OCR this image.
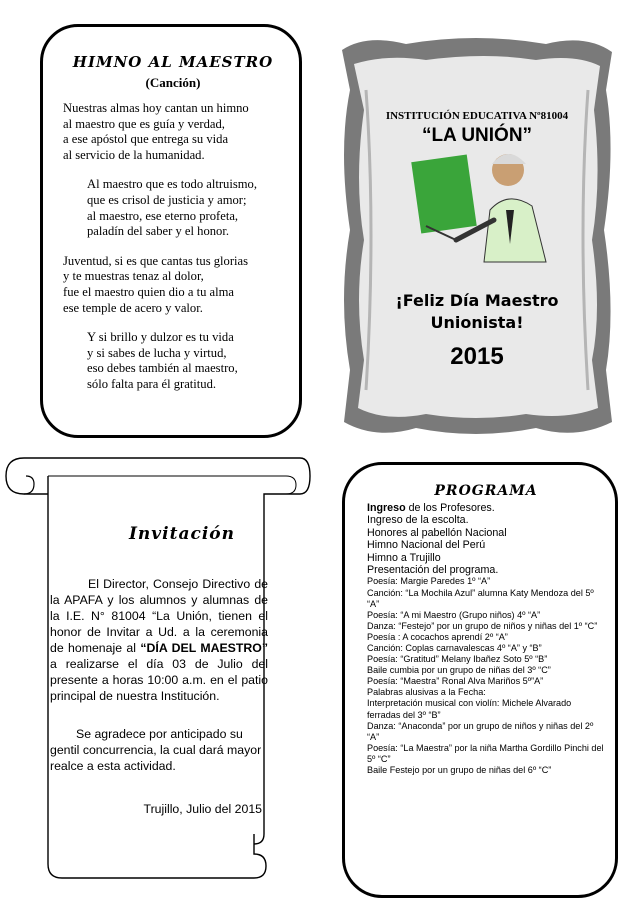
HIMNO AL MAESTRO
(Canción)

Nuestras almas hoy cantan un himno
al maestro que es guía y verdad,
a ese apóstol que entrega su vida
al servicio de la humanidad.

Al maestro que es todo altruismo,
que es crisol de justicia y amor;
al maestro, ese eterno profeta,
paladín del saber y el honor.

Juventud, si es que cantas tus glorias
y te muestras tenaz al dolor,
fue el maestro quien dio a tu alma
ese temple de acero y valor.

Y si brillo y dulzor es tu vida
y si sabes de lucha y virtud,
eso debes también al maestro,
sólo falta para él gratitud.

INSTITUCIÓN EDUCATIVA Nº81004
“LA UNIÓN”
¡Feliz Día Maestro Unionista!
2015
Invitación

El Director, Consejo Directivo de la APAFA y los alumnos y alumnas de la I.E. N° 81004 “La Unión, tienen el honor de Invitar a Ud. a la ceremonia de homenaje al “DÍA DEL MAESTRO” a realizarse el día 03 de Julio del presente a horas 10:00 a.m. en el patio principal de nuestra Institución.

Se agradece por anticipado su gentil concurrencia, la cual dará mayor realce a esta actividad.
Trujillo, Julio del 2015
PROGRAMA
Ingreso de los Profesores.
Ingreso de la escolta.
Honores al pabellón Nacional
Himno Nacional del Perú
Himno a Trujillo
Presentación del programa.
Poesía: Margie Paredes 1º “A”
Canción: “La Mochila Azul” alumna Katy Mendoza del 5º “A”
Poesía: “A mi Maestro (Grupo niños) 4º “A”
Danza: “Festejo” por un grupo de niños y niñas del 1º “C”
Poesía : A cocachos aprendí 2º “A”
Canción: Coplas carnavalescas 4º “A” y “B”
Poesía: “Gratitud” Melany Ibañez Soto 5º “B”
Baile cumbia por un grupo de niñas del 3º “C”
Poesía: “Maestra” Ronal Alva Mariños 5º”A”
Palabras alusivas a la Fecha:
Interpretación musical con violín: Michele Alvarado ferradas del 3º “B”
Danza: “Anaconda” por un grupo de niños y niñas del 2º “A”
Poesía: “La Maestra” por la niña Martha Gordillo Pinchi del 5º “C”
Baile Festejo por un grupo de niñas del 6º “C”
